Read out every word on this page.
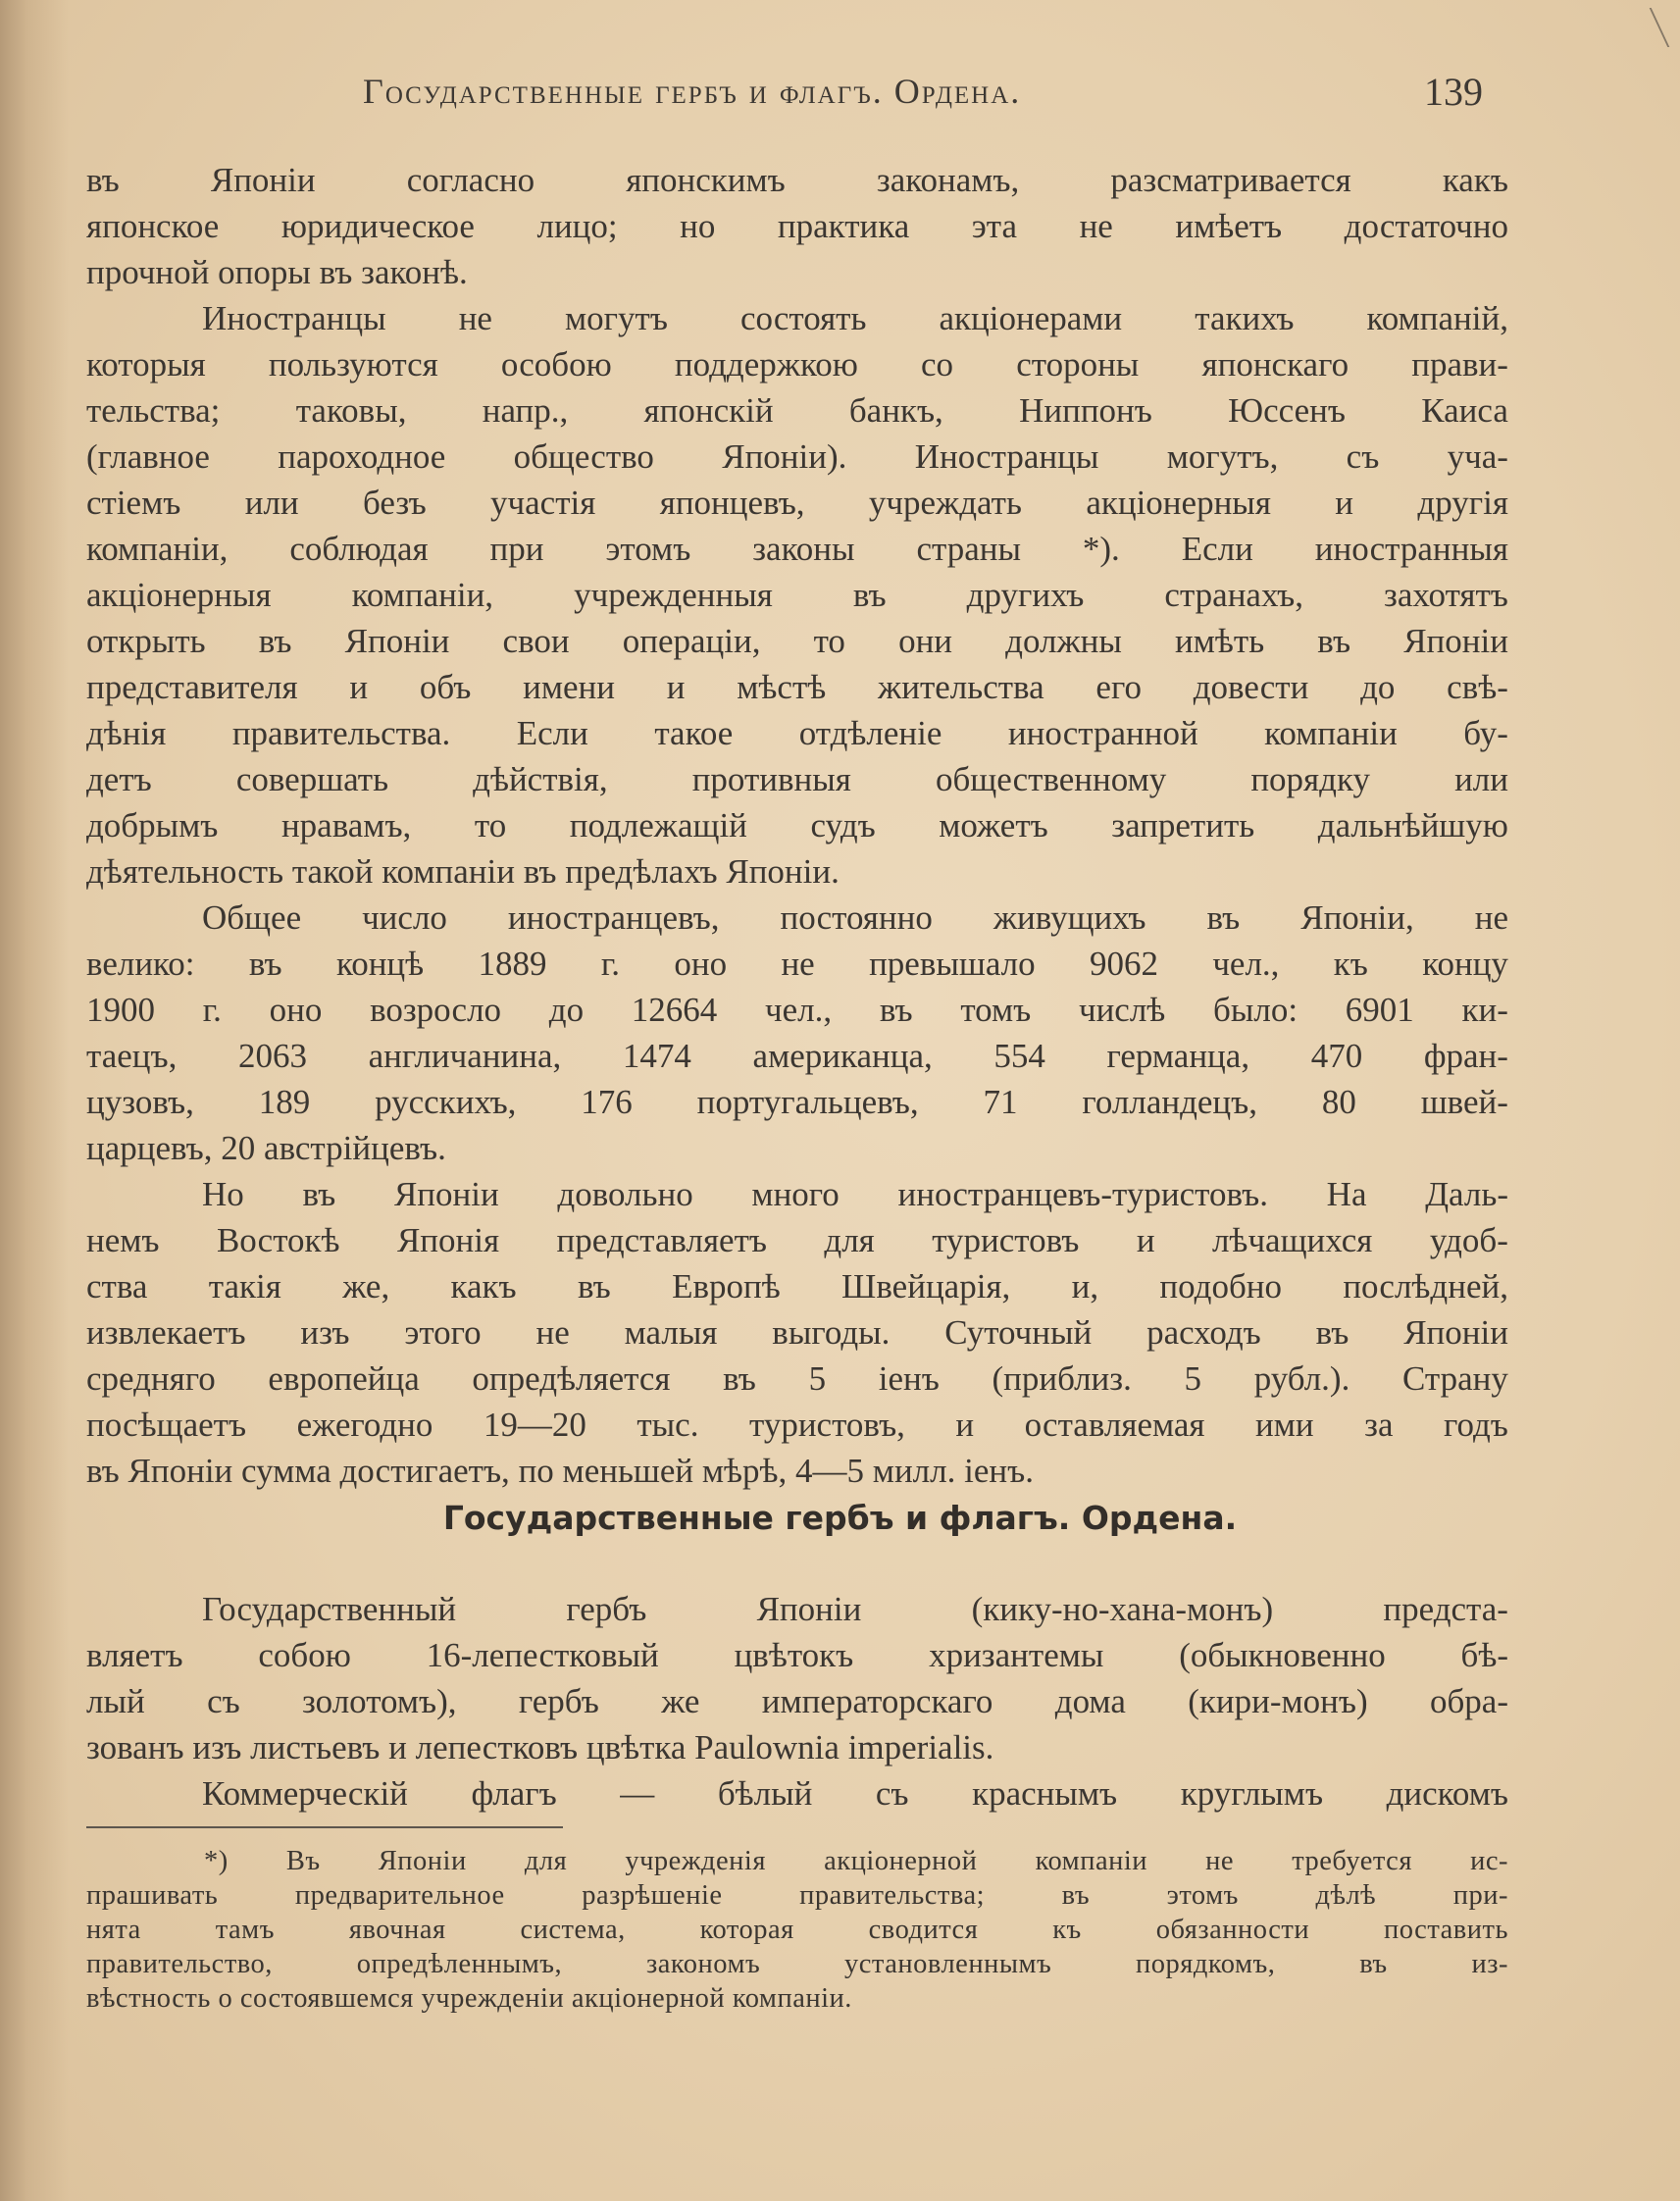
Государственные гербъ и флагъ. Ордена.	139
въ	Японіи	согласно	японскимъ	законамъ,	разсматривается	какъ
японское юридическое лицо; но практика эта не имѣетъ достаточно
прочной опоры въ законѣ.
Иностранцы не могутъ состоять акціонерами такихъ компаній,
которыя пользуются особою поддержкою со стороны японскаго прави-
тельства; таковы, напр., японскій банкъ, Ниппонъ Юссенъ Каиса
(главное пароходное общество Японіи). Иностранцы могутъ, съ уча-
стіемъ или безъ участія японцевъ, учреждать акціонерныя и другія
компаніи, соблюдая при этомъ законы страны *). Если иностранныя
акціонерныя компаніи, учрежденныя въ другихъ странахъ, захотятъ
открыть въ Японіи свои операціи, то они должны имѣть въ Японіи
представителя и объ имени и мѣстѣ жительства его довести до свѣ-
дѣнія правительства. Если такое отдѣленіе иностранной компаніи бу-
детъ совершать дѣйствія, противныя общественному порядку или
добрымъ нравамъ, то подлежащій судъ можетъ запретить дальнѣйшую
дѣятельность такой компаніи въ предѣлахъ Японіи.
Общее число иностранцевъ, постоянно живущихъ въ Японіи, не
велико: въ концѣ 1889 г. оно не превышало 9062 чел., къ концу
1900 г. оно возросло до 12664 чел., въ томъ числѣ было: 6901 ки-
таецъ, 2063 англичанина, 1474 американца, 554 германца, 470 фран-
цузовъ, 189 русскихъ, 176 португальцевъ, 71 голландецъ, 80 швей-
царцевъ, 20 австрійцевъ.
Но въ Японіи довольно много иностранцевъ-туристовъ. На Даль-
немъ Востокѣ Японія представляетъ для туристовъ и лѣчащихся удоб-
ства такія же, какъ въ Европѣ Швейцарія, и, подобно послѣдней,
извлекаетъ изъ этого не малыя выгоды. Суточный расходъ въ Японіи
средняго европейца опредѣляется въ 5 іенъ (приблиз. 5 рубл.). Страну
посѣщаетъ ежегодно 19—20 тыс. туристовъ, и оставляемая ими за годъ
въ Японіи сумма достигаетъ, по меньшей мѣрѣ, 4—5 милл. іенъ.
Государственные гербъ и флагъ. Ордена.
Государственный	гербъ	Японіи	(кику-но-хана-монъ)	предста-
вляетъ собою 16-лепестковый цвѣтокъ хризантемы (обыкновенно бѣ-
лый съ золотомъ), гербъ же императорскаго дома (кири-монъ) обра-
зованъ изъ листьевъ и лепестковъ цвѣтка Paulownia imperialis.
Коммерческій флагъ — бѣлый съ краснымъ круглымъ дискомъ
*) Въ Японіи для учрежденія акціонерной компаніи не требуется ис-
прашивать	предварительное	разрѣшеніе	правительства;	въ	этомъ	дѣлѣ	при-
нята	тамъ	явочная	система,	которая	сводится	къ	обязанности	поставить
правительство,	опредѣленнымъ,	закономъ	установленнымъ	порядкомъ,	въ	из-
вѣстность о состоявшемся учрежденіи акціонерной компаніи.
